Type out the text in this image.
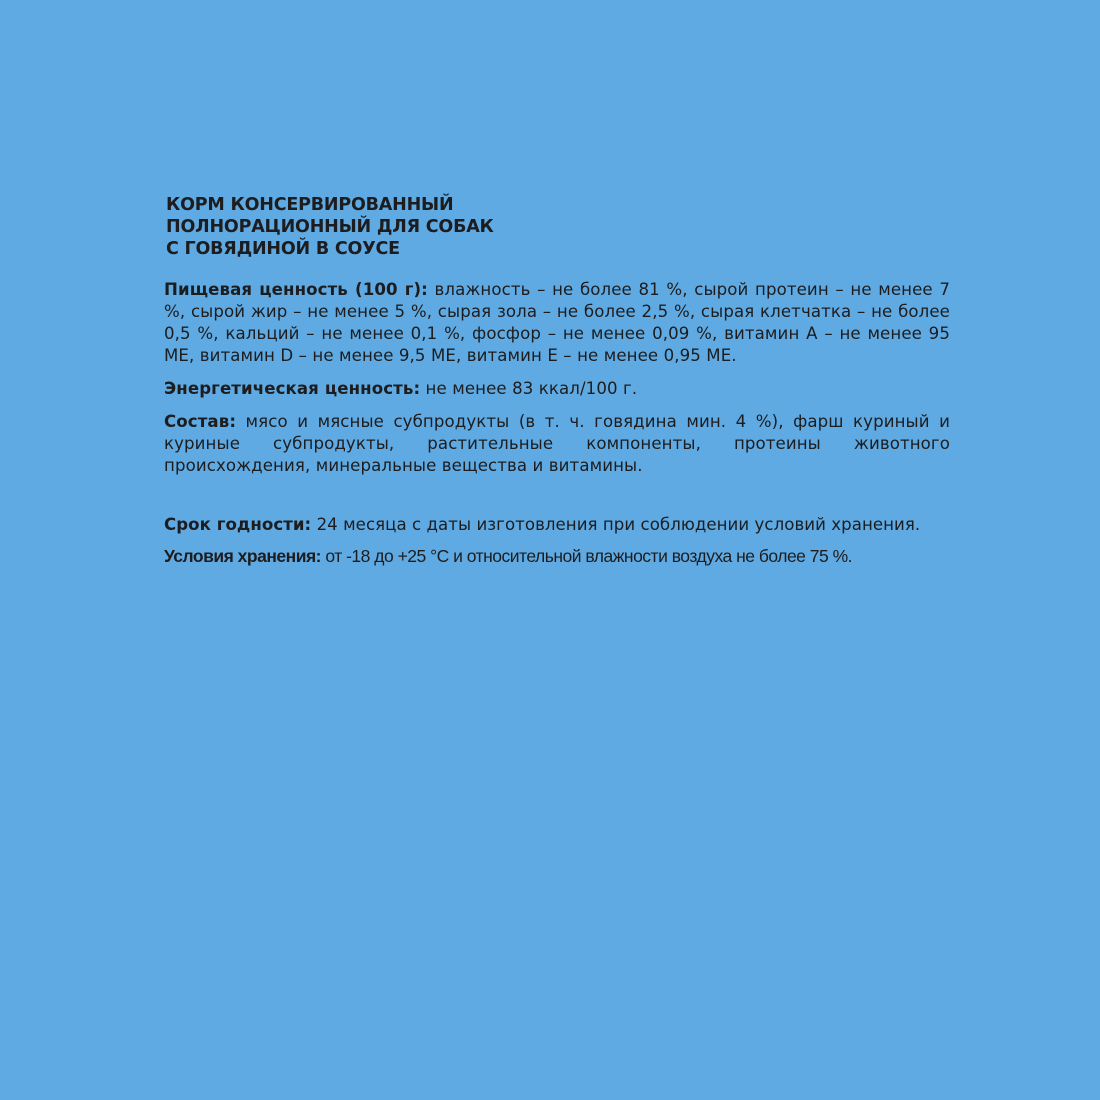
КОРМ КОНСЕРВИРОВАННЫЙ
ПОЛНОРАЦИОННЫЙ ДЛЯ СОБАК
С ГОВЯДИНОЙ В СОУСЕ

Пищевая ценность (100 г): влажность – не более 81 %, сырой протеин – не менее 7 %, сырой жир – не менее 5 %, сырая зола – не более 2,5 %, сырая клетчатка – не более 0,5 %, кальций – не менее 0,1 %, фосфор – не менее 0,09 %, витамин А – не менее 95 МЕ, витамин D – не менее 9,5 МЕ, витамин Е – не менее 0,95 МЕ.

Энергетическая ценность: не менее 83 ккал/100 г.

Состав: мясо и мясные субпродукты (в т. ч. говядина мин. 4 %), фарш куриный и куриные субпродукты, растительные компоненты, протеины животного происхождения, минеральные вещества и витамины.

Срок годности: 24 месяца с даты изготовления при соблюдении условий хранения.

Условия хранения: от -18 до +25 °С и относительной влажности воздуха не более 75 %.
